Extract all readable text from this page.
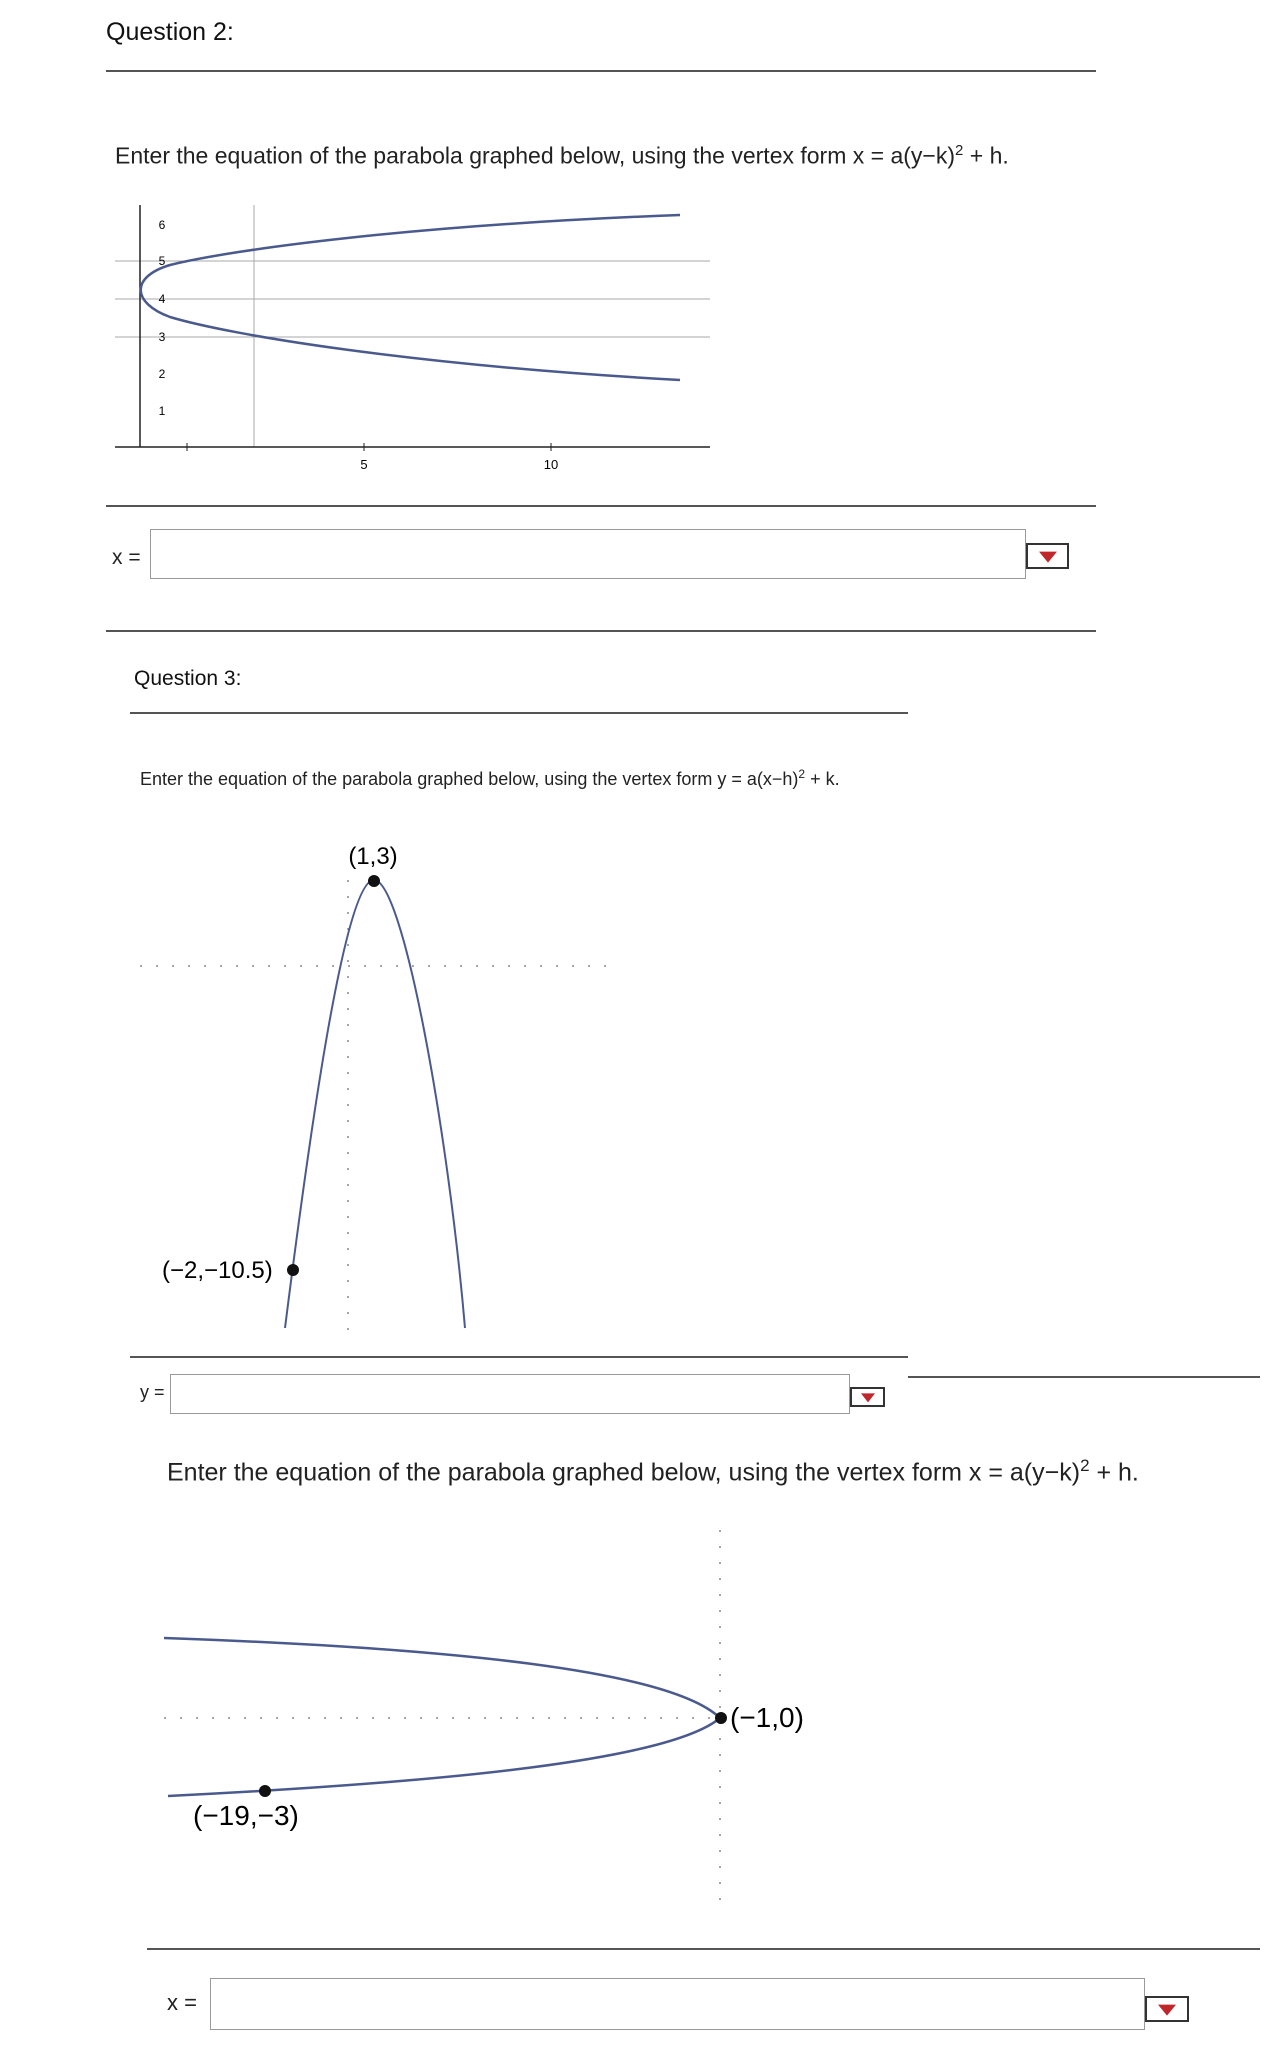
Question 2:
Enter the equation of the parabola graphed below, using the vertex form $x = a(y-k)^2 + h$.
6
5
4
3
2
1
5	10
x =
Question 3:
Enter the equation of the parabola graphed below, using the vertex form $y = a(x-h)^2 + k$.
(1,3)
(−2,−10.5)
y =
Enter the equation of the parabola graphed below, using the vertex form $x = a(y-k)^2 + h$.
(−1,0)
(−19,−3)
x =
